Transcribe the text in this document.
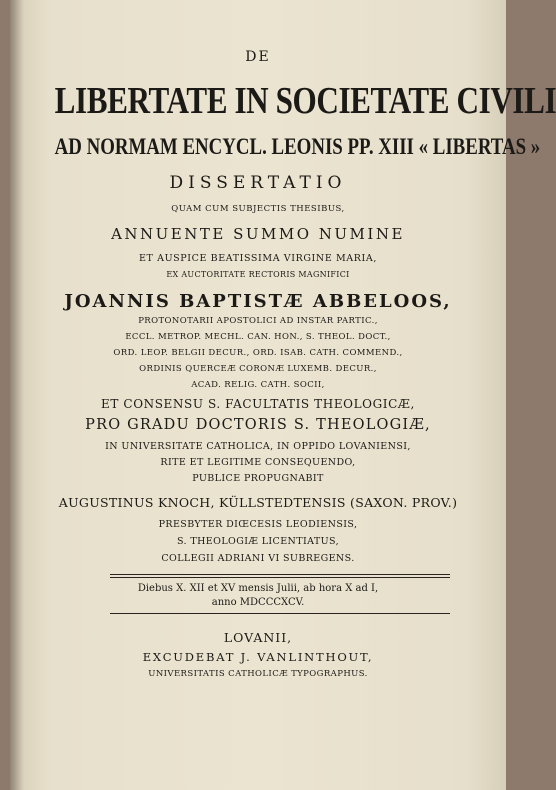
DE
LIBERTATE IN SOCIETATE CIVILI
AD NORMAM ENCYCL. LEONIS PP. XIII « LIBERTAS »
DISSERTATIO
QUAM CUM SUBJECTIS THESIBUS,
ANNUENTE SUMMO NUMINE
ET AUSPICE BEATISSIMA VIRGINE MARIA,
EX AUCTORITATE RECTORIS MAGNIFICI
JOANNIS BAPTISTÆ ABBELOOS,
PROTONOTARII APOSTOLICI AD INSTAR PARTIC.,
ECCL. METROP. MECHL. CAN. HON., S. THEOL. DOCT.,
ORD. LEOP. BELGII DECUR., ORD. ISAB. CATH. COMMEND.,
ORDINIS QUERCEÆ CORONÆ LUXEMB. DECUR.,
ACAD. RELIG. CATH. SOCII,
ET CONSENSU S. FACULTATIS THEOLOGICÆ,
PRO GRADU DOCTORIS S. THEOLOGIÆ,
IN UNIVERSITATE CATHOLICA, IN OPPIDO LOVANIENSI,
RITE ET LEGITIME CONSEQUENDO,
PUBLICE PROPUGNABIT
AUGUSTINUS KNOCH, KÜLLSTEDTENSIS (SAXON. PROV.)
PRESBYTER DIŒCESIS LEODIENSIS,
S. THEOLOGIÆ LICENTIATUS,
COLLEGII ADRIANI VI SUBREGENS.
Diebus X. XII et XV mensis Julii, ab hora X ad I,
anno MDCCCXCV.
LOVANII,
EXCUDEBAT J. VANLINTHOUT,
UNIVERSITATIS CATHOLICÆ TYPOGRAPHUS.
